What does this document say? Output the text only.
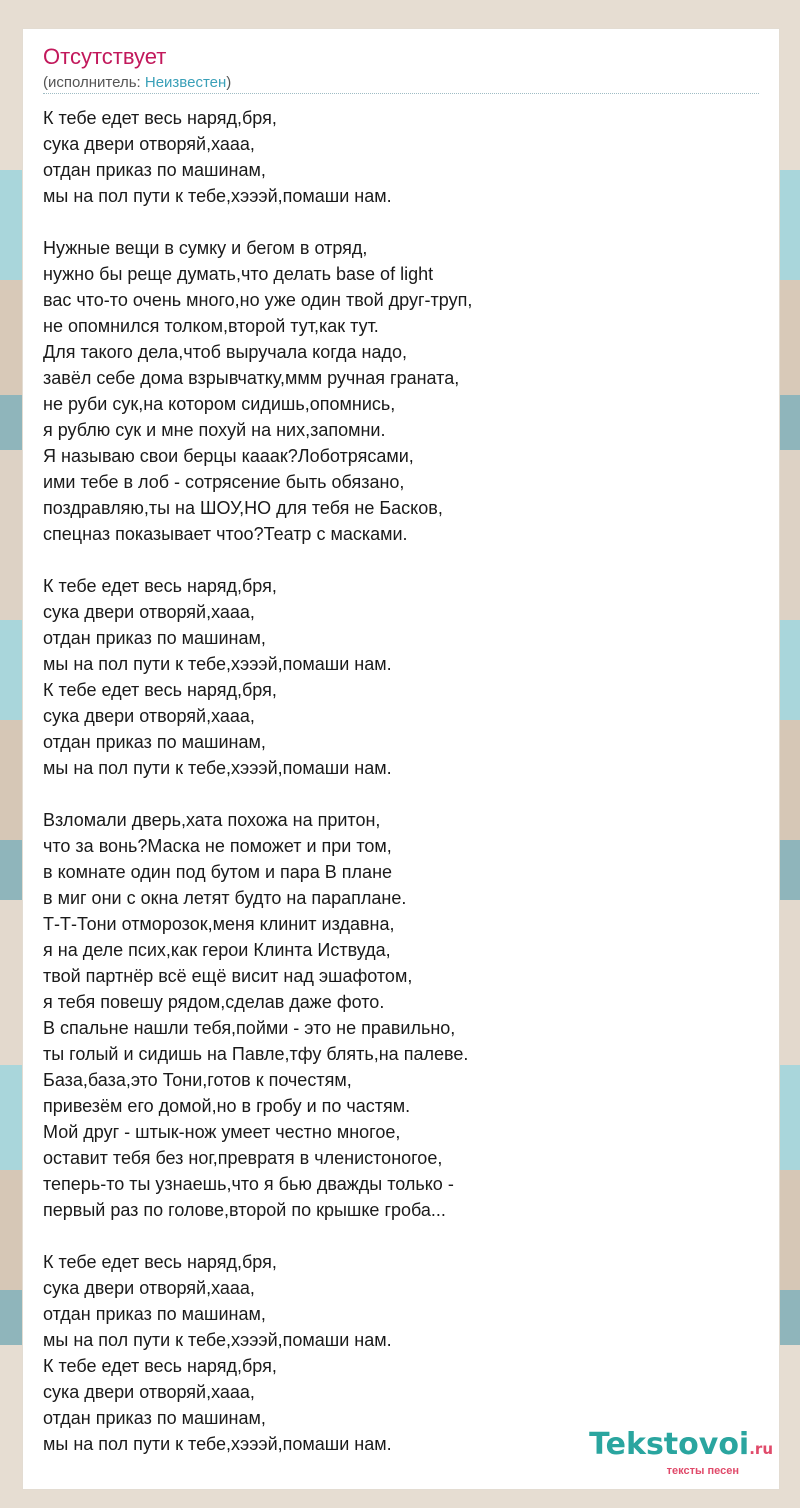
Отсутствует
(исполнитель: Неизвестен)
К тебе едет весь наряд,бря,
сука двери отворяй,хааа,
отдан приказ по машинам,
мы на пол пути к тебе,хэээй,помаши нам.
Нужные вещи в сумку и бегом в отряд,
нужно бы реще думать,что делать base of light
вас что-то очень много,но уже один твой друг-труп,
не опомнился толком,второй тут,как тут.
Для такого дела,чтоб выручала когда надо,
завёл себе дома взрывчатку,ммм ручная граната,
не руби сук,на котором сидишь,опомнись,
я рублю сук и мне похуй на них,запомни.
Я называю свои берцы кааак?Лоботрясами,
ими тебе в лоб - сотрясение быть обязано,
поздравляю,ты на ШОУ,НО для тебя не Басков,
спецназ показывает чтоо?Театр с масками.
К тебе едет весь наряд,бря,
сука двери отворяй,хааа,
отдан приказ по машинам,
мы на пол пути к тебе,хэээй,помаши нам.
К тебе едет весь наряд,бря,
сука двери отворяй,хааа,
отдан приказ по машинам,
мы на пол пути к тебе,хэээй,помаши нам.
Взломали дверь,хата похожа на притон,
что за вонь?Маска не поможет и при том,
в комнате один под бутом и пара В плане
в миг они с окна летят будто на параплане.
Т-Т-Тони отморозок,меня клинит издавна,
я на деле псих,как герои Клинта Иствуда,
твой партнёр всё ещё висит над эшафотом,
я тебя повешу рядом,сделав даже фото.
В спальне нашли тебя,пойми - это не правильно,
ты голый и сидишь на Павле,тфу блять,на палеве.
База,база,это Тони,готов к почестям,
привезём его домой,но в гробу и по частям.
Мой друг - штык-нож умеет честно многое,
оставит тебя без ног,превратя в членистоногое,
теперь-то ты узнаешь,что я бью дважды только -
первый раз по голове,второй по крышке гроба...
К тебе едет весь наряд,бря,
сука двери отворяй,хааа,
отдан приказ по машинам,
мы на пол пути к тебе,хэээй,помаши нам.
К тебе едет весь наряд,бря,
сука двери отворяй,хааа,
отдан приказ по машинам,
мы на пол пути к тебе,хэээй,помаши нам.	Tekstovoi.ru
тексты песен
